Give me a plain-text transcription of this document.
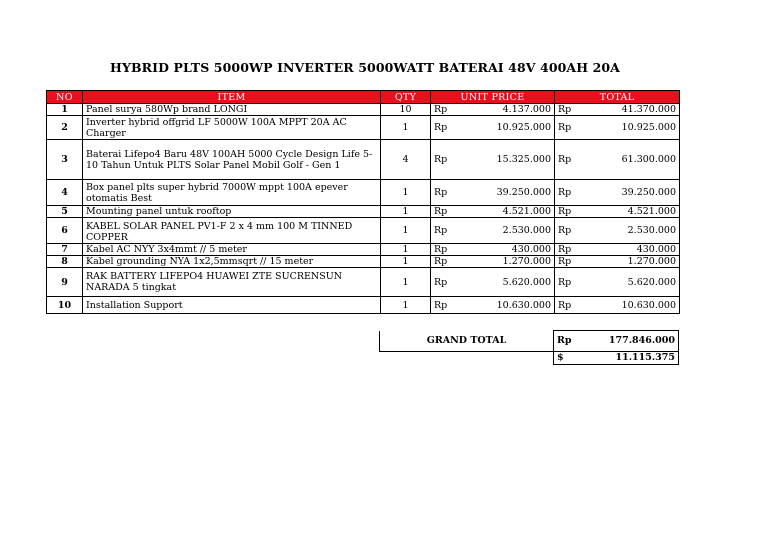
HYBRID PLTS 5000WP INVERTER 5000WATT BATERAI 48V 400AH 20A
NO	ITEM	QTY	UNIT PRICE		TOTAL	
1	Panel surya 580Wp brand LONGI	10	Rp	4.137.000	Rp	41.370.000
2	Inverter hybrid offgrid LF 5000W 100A MPPT 20A AC Charger	1	Rp	10.925.000	Rp	10.925.000
3	Baterai Lifepo4 Baru 48V 100AH 5000 Cycle Design Life 5-10 Tahun Untuk PLTS Solar Panel Mobil Golf - Gen 1	4	Rp	15.325.000	Rp	61.300.000
4	Box panel plts super hybrid 7000W mppt 100A epever otomatis Best	1	Rp	39.250.000	Rp	39.250.000
5	Mounting panel untuk rooftop	1	Rp	4.521.000	Rp	4.521.000
6	KABEL SOLAR PANEL PV1-F 2 x 4 mm 100 M TINNED COPPER	1	Rp	2.530.000	Rp	2.530.000
7	Kabel AC NYY 3x4mmt // 5 meter	1	Rp	430.000	Rp	430.000
8	Kabel grounding NYA 1x2,5mmsqrt // 15 meter	1	Rp	1.270.000	Rp	1.270.000
9	RAK BATTERY LIFEPO4 HUAWEI ZTE SUCRENSUN NARADA 5 tingkat	1	Rp	5.620.000	Rp	5.620.000
10	Installation Support	1	Rp	10.630.000	Rp	10.630.000
GRAND TOTAL	Rp	177.846.000
	$	11.115.375
